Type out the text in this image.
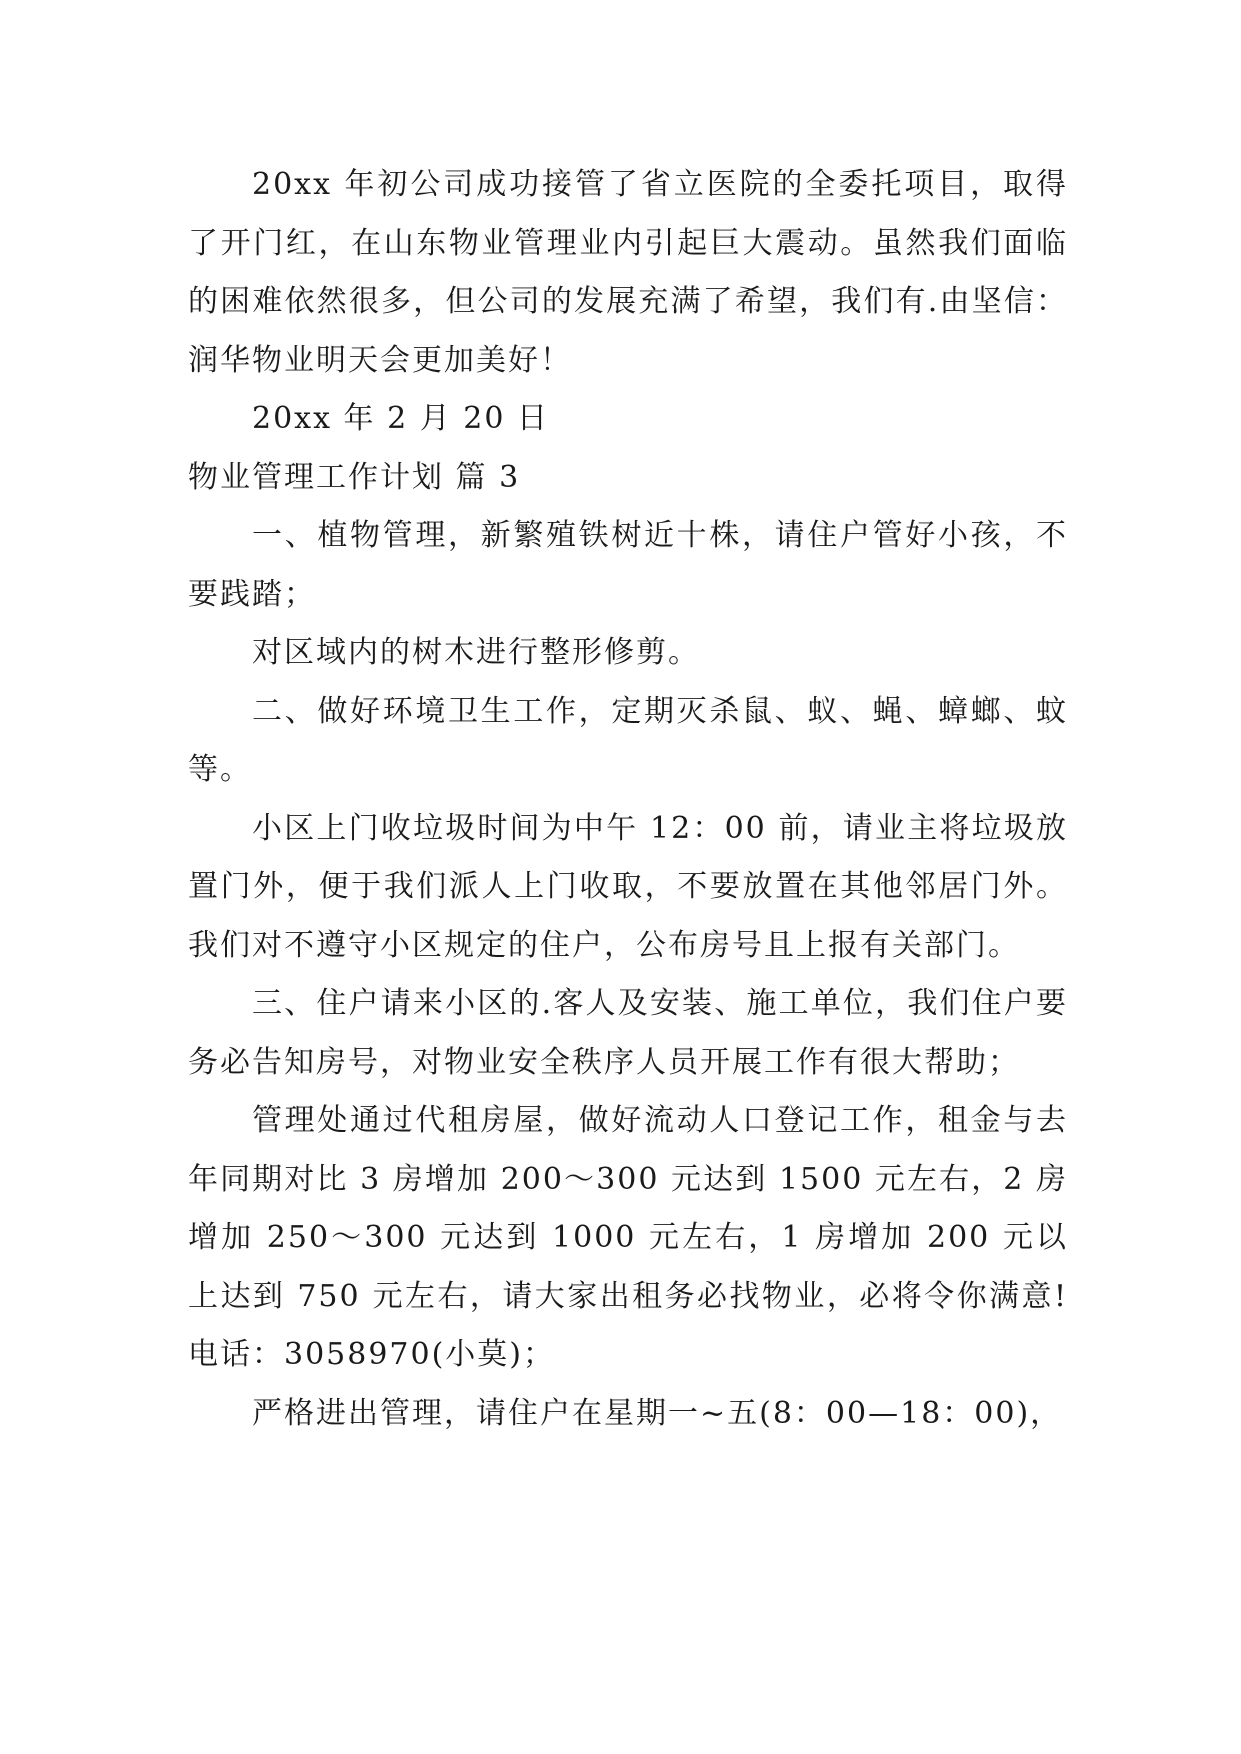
20xx 年初公司成功接管了省立医院的全委托项目，取得了开门红，在山东物业管理业内引起巨大震动。虽然我们面临的困难依然很多，但公司的发展充满了希望，我们有.由坚信：润华物业明天会更加美好！

20xx 年 2 月 20 日

物业管理工作计划 篇 3

一、植物管理，新繁殖铁树近十株，请住户管好小孩，不要践踏；

对区域内的树木进行整形修剪。

二、做好环境卫生工作，定期灭杀鼠、蚁、蝇、蟑螂、蚊等。

小区上门收垃圾时间为中午 12：00 前，请业主将垃圾放置门外，便于我们派人上门收取，不要放置在其他邻居门外。我们对不遵守小区规定的住户，公布房号且上报有关部门。

三、住户请来小区的.客人及安装、施工单位，我们住户要务必告知房号，对物业安全秩序人员开展工作有很大帮助；

管理处通过代租房屋，做好流动人口登记工作，租金与去年同期对比 3 房增加 200～300 元达到 1500 元左右，2 房增加 250～300 元达到 1000 元左右，1 房增加 200 元以上达到 750 元左右，请大家出租务必找物业，必将令你满意!电话：3058970(小莫)；

严格进出管理，请住户在星期一~五(8：00—18：00)，
